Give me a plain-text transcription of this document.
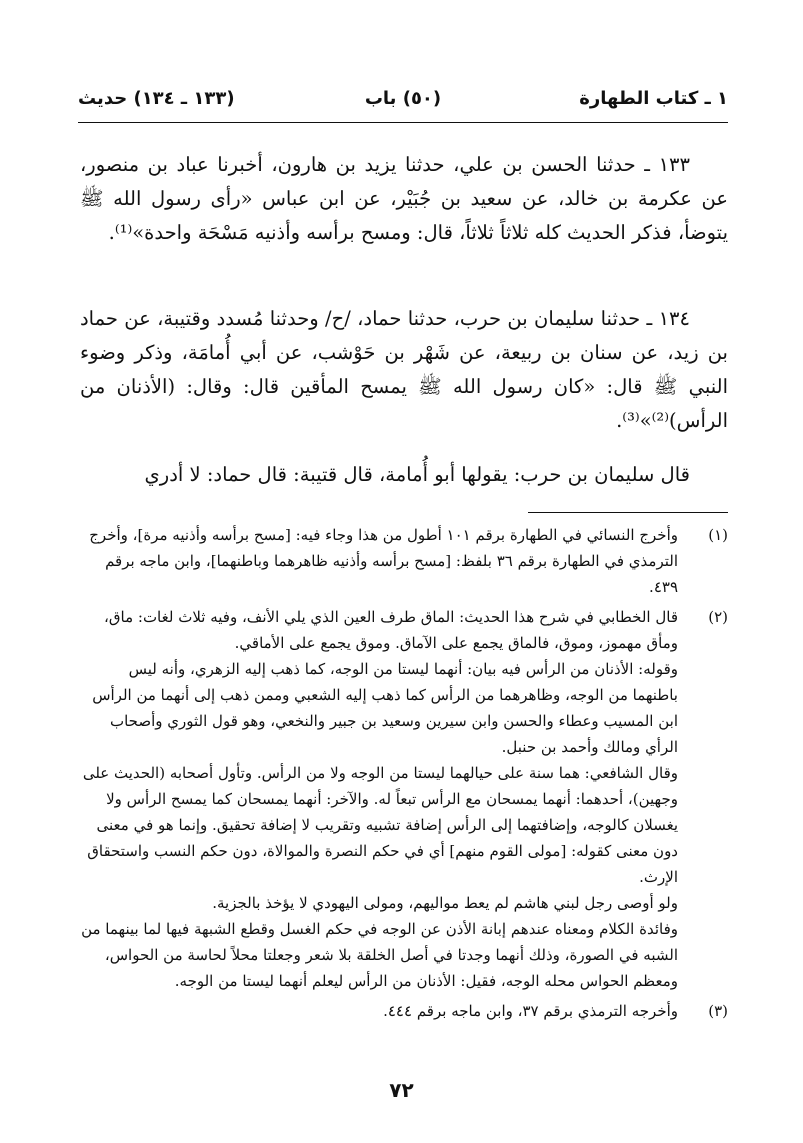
١ ـ كتاب الطهارة
(٥٠) باب
(١٣٣ ـ ١٣٤) حديث

١٣٣ ـ حدثنا الحسن بن علي، حدثنا يزيد بن هارون، أخبرنا عباد بن منصور، عن عكرمة بن خالد، عن سعيد بن جُبَيْر، عن ابن عباس «رأى رسول الله ﷺ يتوضأ، فذكر الحديث كله ثلاثاً ثلاثاً، قال: ومسح برأسه وأذنيه مَسْحَة واحدة»⁽¹⁾.

١٣٤ ـ حدثنا سليمان بن حرب، حدثنا حماد، /ح/ وحدثنا مُسدد وقتيبة، عن حماد بن زيد، عن سنان بن ربيعة، عن شَهْر بن حَوْشب، عن أبي أُمامَة، وذكر وضوء النبي ﷺ قال: «كان رسول الله ﷺ يمسح المأقين قال: وقال: (الأذنان من الرأس)⁽²⁾»⁽³⁾.

قال سليمان بن حرب: يقولها أبو أُمامة، قال قتيبة: قال حماد: لا أدري

(١)
وأخرج النسائي في الطهارة برقم ١٠١ أطول من هذا وجاء فيه: [مسح برأسه وأذنيه مرة]، وأخرج الترمذي في الطهارة برقم ٣٦ بلفظ: [مسح برأسه وأذنيه ظاهرهما وباطنهما]، وابن ماجه برقم ٤٣٩.
(٢)
قال الخطابي في شرح هذا الحديث: الماق طرف العين الذي يلي الأنف، وفيه ثلاث لغات: ماق، ومأق مهموز، وموق، فالماق يجمع على الآماق. وموق يجمع على الأماقي.
وقوله: الأذنان من الرأس فيه بيان: أنهما ليستا من الوجه، كما ذهب إليه الزهري، وأنه ليس باطنهما من الوجه، وظاهرهما من الرأس كما ذهب إليه الشعبي وممن ذهب إلى أنهما من الرأس ابن المسيب وعطاء والحسن وابن سيرين وسعيد بن جبير والنخعي، وهو قول الثوري وأصحاب الرأي ومالك وأحمد بن حنبل.
وقال الشافعي: هما سنة على حيالهما ليستا من الوجه ولا من الرأس. وتأول أصحابه (الحديث على وجهين)، أحدهما: أنهما يمسحان مع الرأس تبعاً له. والآخر: أنهما يمسحان كما يمسح الرأس ولا يغسلان كالوجه، وإضافتهما إلى الرأس إضافة تشبيه وتقريب لا إضافة تحقيق. وإنما هو في معنى دون معنى كقوله: [مولى القوم منهم] أي في حكم النصرة والموالاة، دون حكم النسب واستحقاق الإرث.
ولو أوصى رجل لبني هاشم لم يعط مواليهم، ومولى اليهودي لا يؤخذ بالجزية.
وفائدة الكلام ومعناه عندهم إبانة الأذن عن الوجه في حكم الغسل وقطع الشبهة فيها لما بينهما من الشبه في الصورة، وذلك أنهما وجدتا في أصل الخلقة بلا شعر وجعلتا محلاً لحاسة من الحواس، ومعظم الحواس محله الوجه، فقيل: الأذنان من الرأس ليعلم أنهما ليستا من الوجه.
(٣)
وأخرجه الترمذي برقم ٣٧، وابن ماجه برقم ٤٤٤.
٧٢
